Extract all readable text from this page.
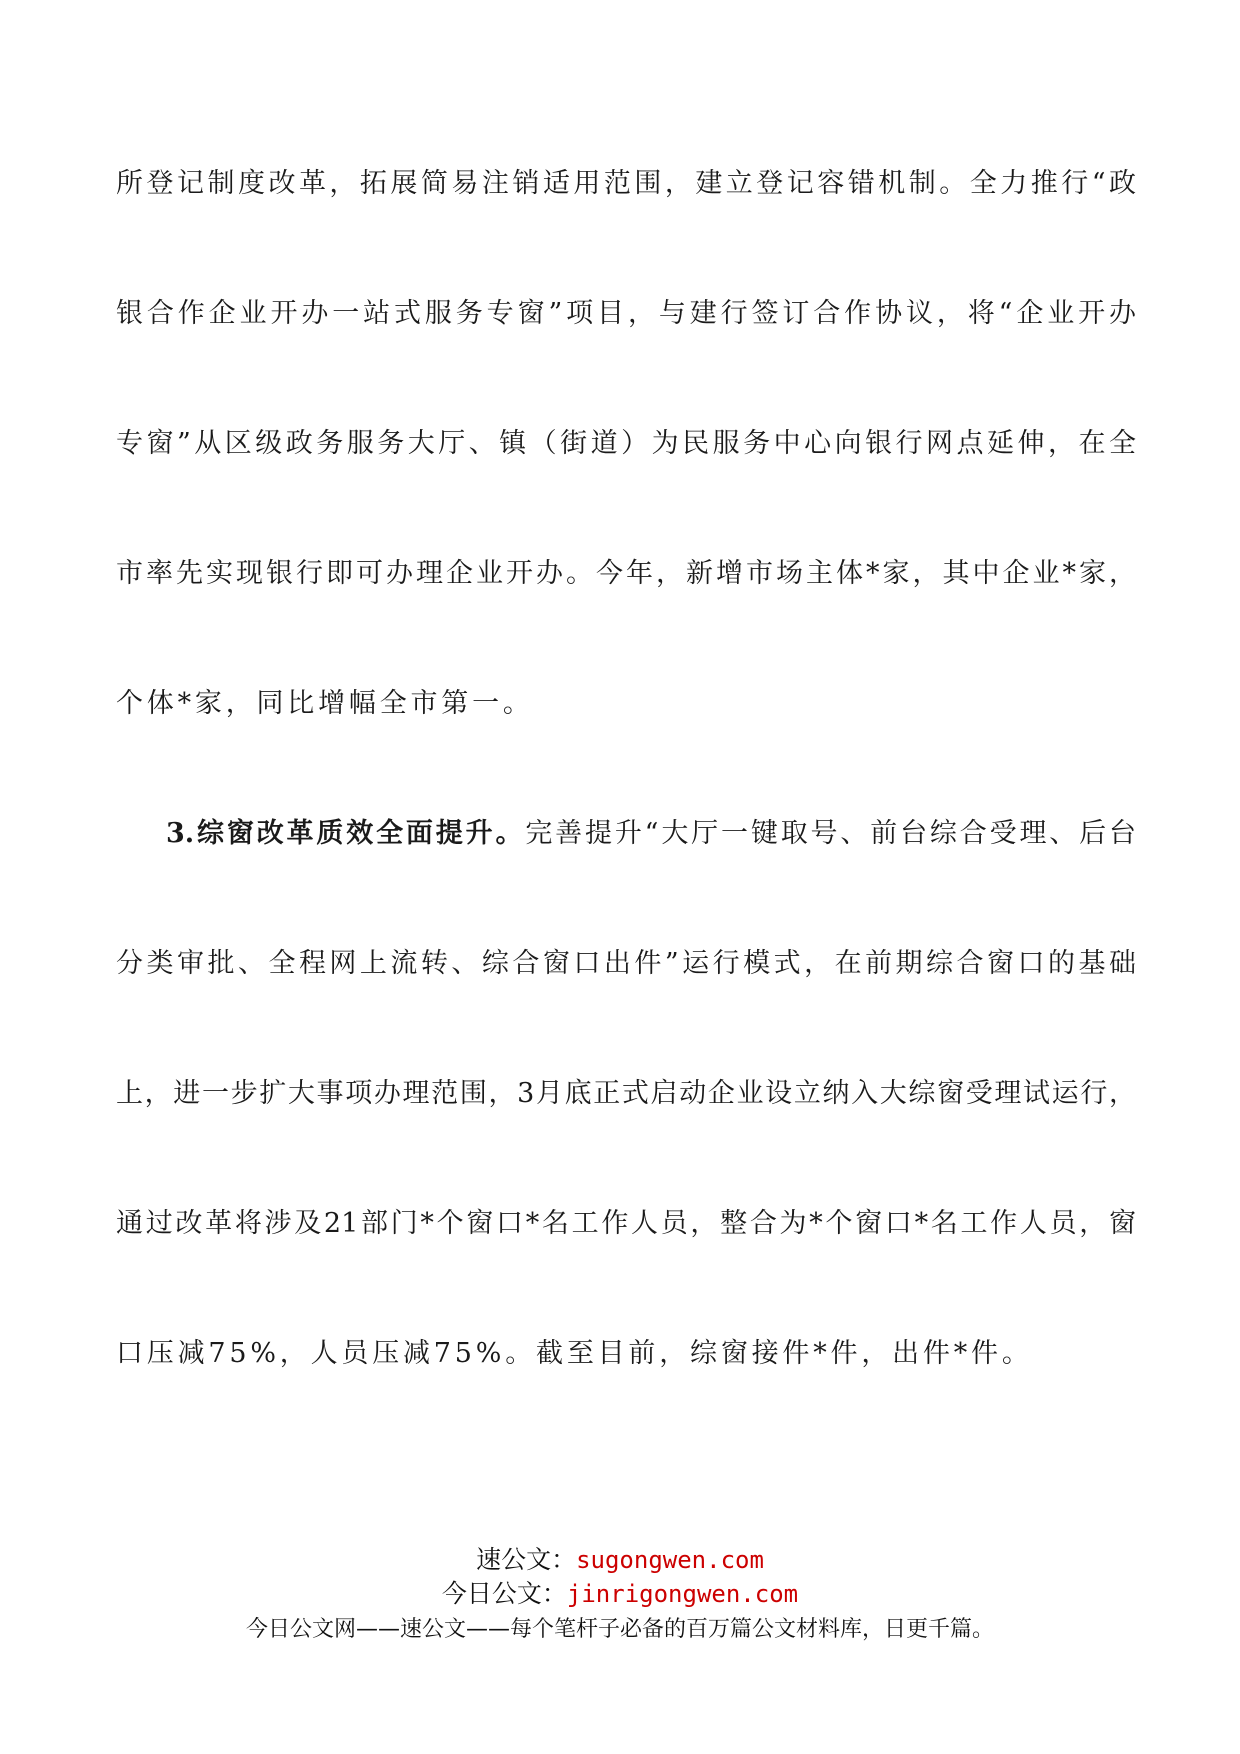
所登记制度改革，拓展简易注销适用范围，建立登记容错机制。全力推行“政
银合作企业开办一站式服务专窗”项目，与建行签订合作协议，将“企业开办
专窗”从区级政务服务大厅、镇（街道）为民服务中心向银行网点延伸，在全
市率先实现银行即可办理企业开办。今年，新增市场主体*家，其中企业*家，
个体*家，同比增幅全市第一。
3.综窗改革质效全面提升。完善提升“大厅一键取号、前台综合受理、后台
分类审批、全程网上流转、综合窗口出件”运行模式，在前期综合窗口的基础
上，进一步扩大事项办理范围，3月底正式启动企业设立纳入大综窗受理试运行，
通过改革将涉及21部门*个窗口*名工作人员，整合为*个窗口*名工作人员，窗
口压减75%，人员压减75%。截至目前，综窗接件*件，出件*件。
速公文：sugongwen.com
今日公文：jinrigongwen.com
今日公文网——速公文——每个笔杆子必备的百万篇公文材料库，日更千篇。
